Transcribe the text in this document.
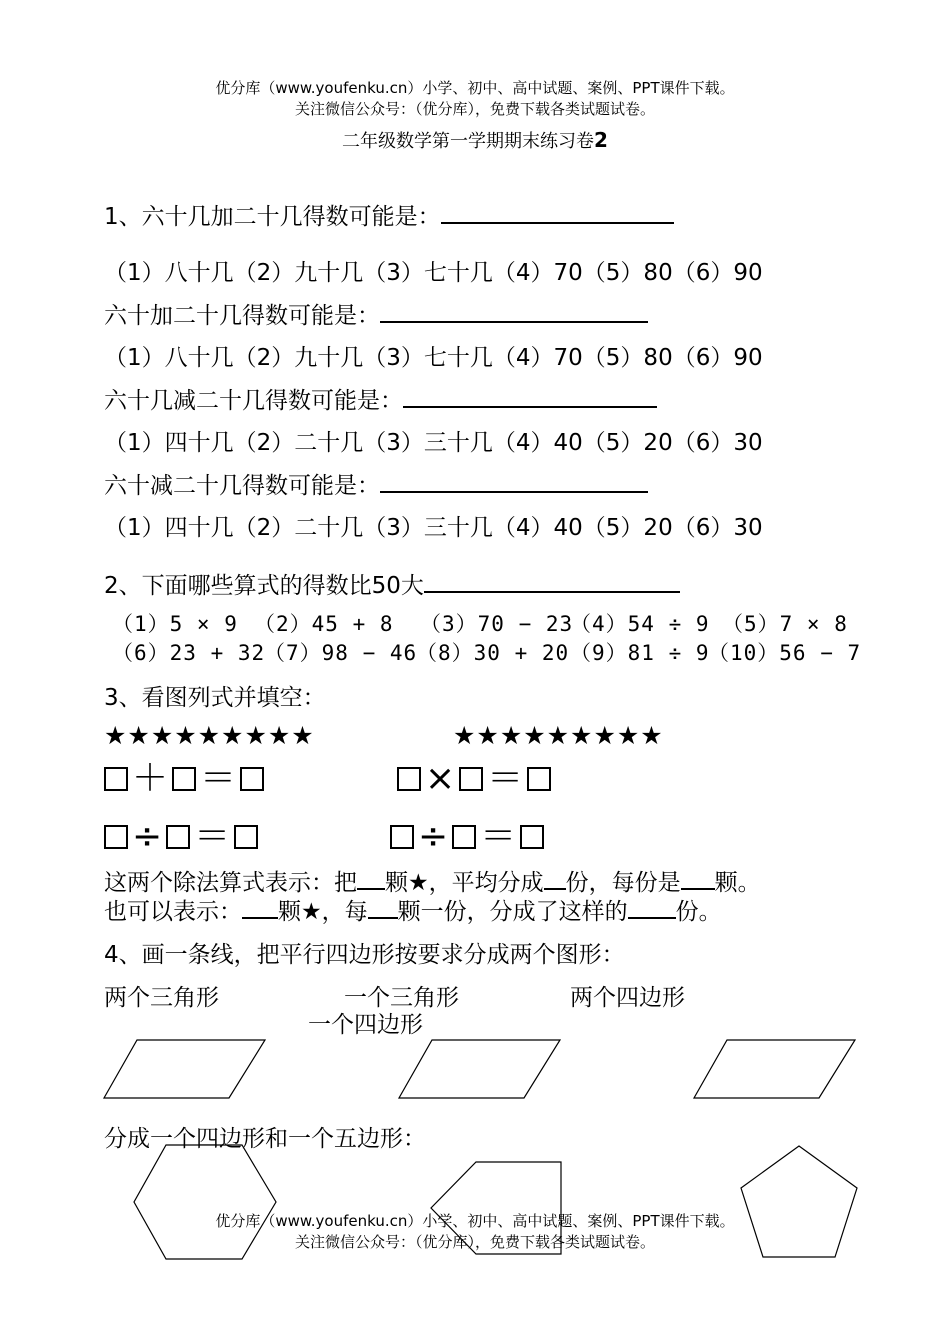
优分库（www.youfenku.cn）小学、初中、高中试题、案例、PPT课件下载。
关注微信公众号：（优分库），免费下载各类试题试卷。
二年级数学第一学期期末练习卷2
1、六十几加二十几得数可能是：
（1）八十几（2）九十几（3）七十几（4）70（5）80（6）90
六十加二十几得数可能是：
（1）八十几（2）九十几（3）七十几（4）70（5）80（6）90
六十几减二十几得数可能是：
（1）四十几（2）二十几（3）三十几（4）40（5）20（6）30
六十减二十几得数可能是：
（1）四十几（2）二十几（3）三十几（4）40（5）20（6）30
2、下面哪些算式的得数比50大
（1）5 × 9 （2）45 + 8 （3）70 − 23
（4）54 ÷ 9 （5）7 × 8
（6）23 + 32
（7）98 − 46
（8）30 + 20 （9）81 ÷ 9
（10）56 − 7
3、看图列式并填空：
★★★★★★★★★	★★★★★★★★★
＋ ＝	× ＝
÷ ＝	÷ ＝
这两个除法算式表示：把 颗★，平均分成 份，每份是 颗。
也可以表示： 颗★，每 颗一份，分成了这样的 份。
4、画一条线，把平行四边形按要求分成两个图形：
两个三角形	一个三角形
一个四边形
两个四边形
分成一个四边形和一个五边形：
优分库（www.youfenku.cn）小学、初中、高中试题、案例、PPT课件下载。
关注微信公众号：（优分库），免费下载各类试题试卷。
